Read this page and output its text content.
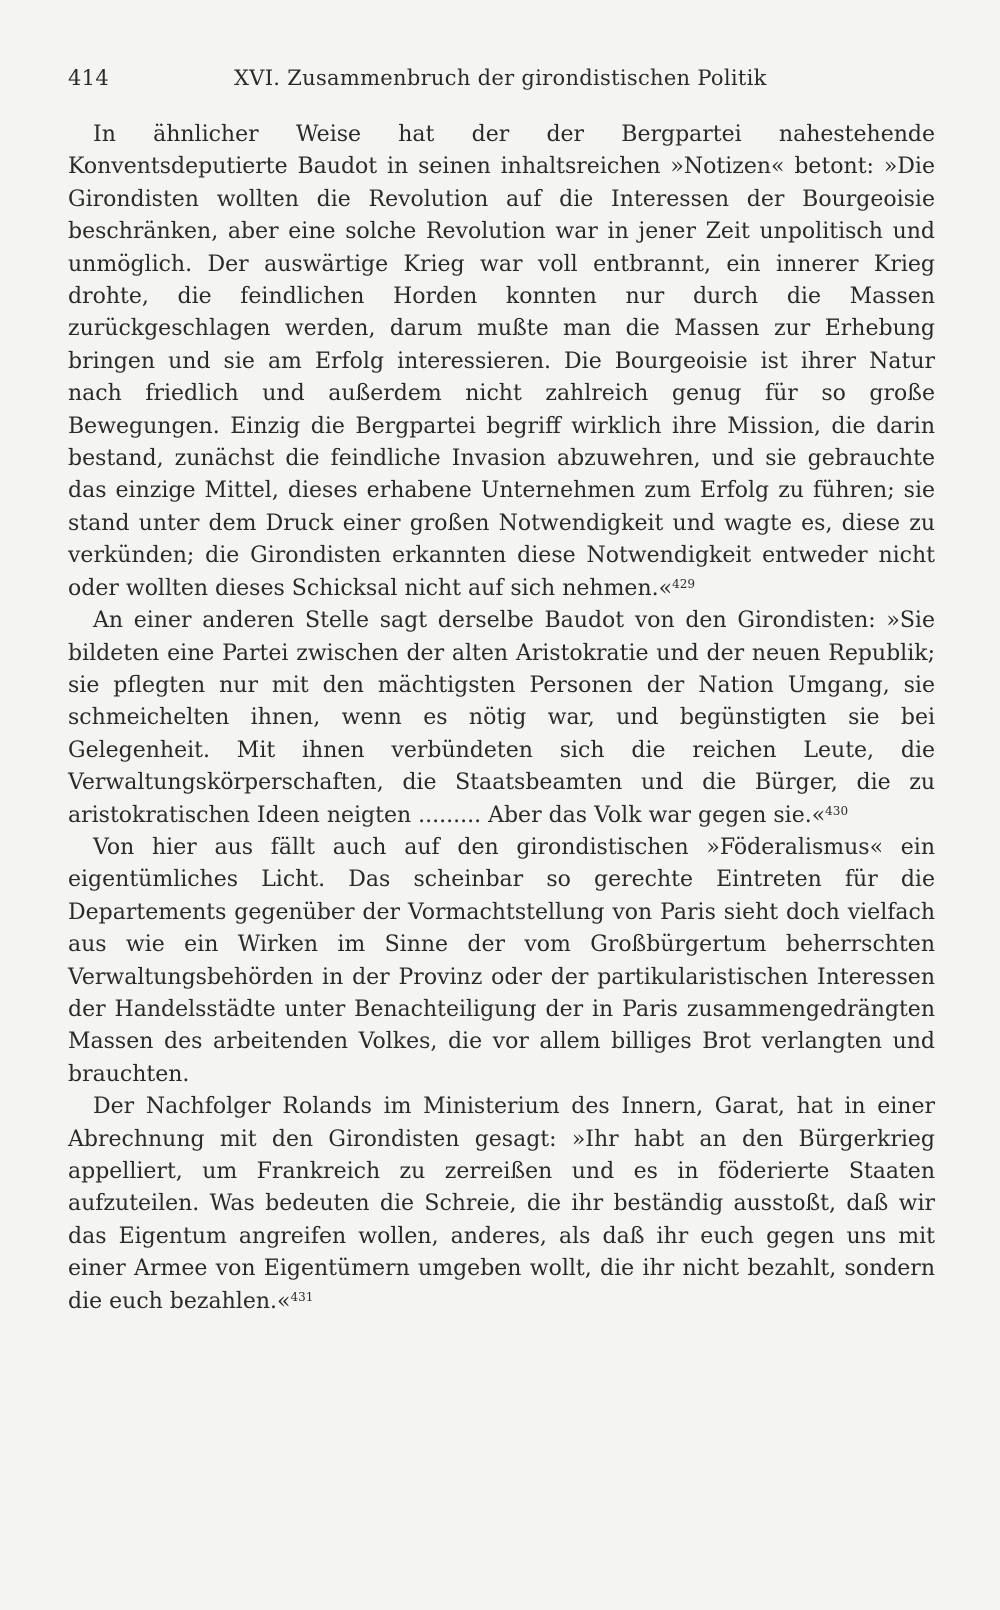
414	XVI. Zusammenbruch der girondistischen Politik

In ähnlicher Weise hat der der Bergpartei nahestehende Konventsdeputierte Baudot in seinen inhaltsreichen »Notizen« betont: »Die Girondisten wollten die Revolution auf die Interessen der Bourgeoisie beschränken, aber eine solche Revolution war in jener Zeit unpolitisch und unmöglich. Der auswärtige Krieg war voll entbrannt, ein innerer Krieg drohte, die feindlichen Horden konnten nur durch die Massen zurückgeschlagen werden, darum mußte man die Massen zur Erhebung bringen und sie am Erfolg interessieren. Die Bourgeoisie ist ihrer Natur nach friedlich und außerdem nicht zahlreich genug für so große Bewegungen. Einzig die Bergpartei begriff wirklich ihre Mission, die darin bestand, zunächst die feindliche Invasion abzuwehren, und sie gebrauchte das einzige Mittel, dieses erhabene Unternehmen zum Erfolg zu führen; sie stand unter dem Druck einer großen Notwendigkeit und wagte es, diese zu verkünden; die Girondisten erkannten diese Notwendigkeit entweder nicht oder wollten dieses Schicksal nicht auf sich nehmen.«$^{429}$

An einer anderen Stelle sagt derselbe Baudot von den Girondisten: »Sie bildeten eine Partei zwischen der alten Aristokratie und der neuen Republik; sie pflegten nur mit den mächtigsten Personen der Nation Umgang, sie schmeichelten ihnen, wenn es nötig war, und begünstigten sie bei Gelegenheit. Mit ihnen verbündeten sich die reichen Leute, die Verwaltungskörperschaften, die Staatsbeamten und die Bürger, die zu aristokratischen Ideen neigten ......... Aber das Volk war gegen sie.«$^{430}$

Von hier aus fällt auch auf den girondistischen »Föderalismus« ein eigentümliches Licht. Das scheinbar so gerechte Eintreten für die Departements gegenüber der Vormachtstellung von Paris sieht doch vielfach aus wie ein Wirken im Sinne der vom Großbürgertum beherrschten Verwaltungsbehörden in der Provinz oder der partikularistischen Interessen der Handelsstädte unter Benachteiligung der in Paris zusammengedrängten Massen des arbeitenden Volkes, die vor allem billiges Brot verlangten und brauchten.

Der Nachfolger Rolands im Ministerium des Innern, Garat, hat in einer Abrechnung mit den Girondisten gesagt: »Ihr habt an den Bürgerkrieg appelliert, um Frankreich zu zerreißen und es in föderierte Staaten aufzuteilen. Was bedeuten die Schreie, die ihr beständig ausstoßt, daß wir das Eigentum angreifen wollen, anderes, als daß ihr euch gegen uns mit einer Armee von Eigentümern umgeben wollt, die ihr nicht bezahlt, sondern die euch bezahlen.«$^{431}$
